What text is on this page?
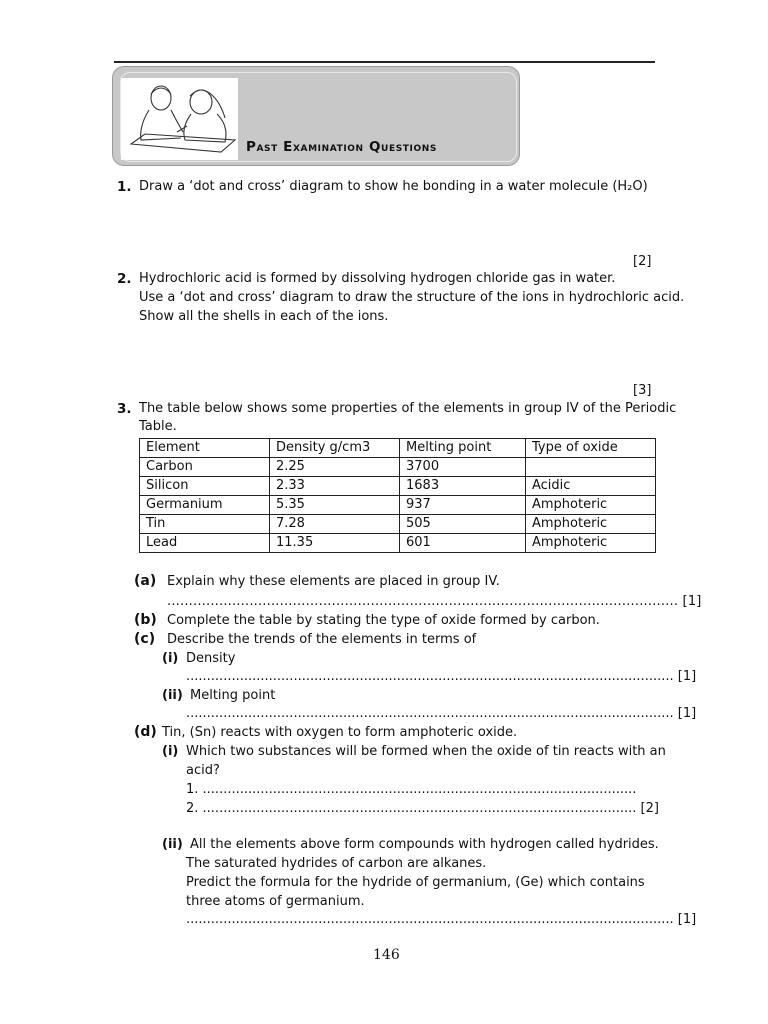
Past Examination Questions
1. Draw a ‘dot and cross’ diagram to show he bonding in a water molecule (H₂O)
[2]
2. Hydrochloric acid is formed by dissolving hydrogen chloride gas in water.
Use a ‘dot and cross’ diagram to draw the structure of the ions in hydrochloric acid.
Show all the shells in each of the ions.
[3]
3. The table below shows some properties of the elements in group IV of the Periodic
Table.
Element	Density g/cm3	Melting point	Type of oxide
Carbon	2.25	3700	
Silicon	2.33	1683	Acidic
Germanium	5.35	937	Amphoteric
Tin	7.28	505	Amphoteric
Lead	11.35	601	Amphoteric
(a) Explain why these elements are placed in group IV.
...................................................................................................................... [1]
(b) Complete the table by stating the type of oxide formed by carbon.
(c) Describe the trends of the elements in terms of
(i) Density
...................................................................................................................... [1]
(ii) Melting point
...................................................................................................................... [1]
(d) Tin, (Sn) reacts with oxygen to form amphoteric oxide.
(i) Which two substances will be formed when the oxide of tin reacts with an
acid?
1. .........................................................................................................
2. ......................................................................................................... [2]
(ii) All the elements above form compounds with hydrogen called hydrides.
The saturated hydrides of carbon are alkanes.
Predict the formula for the hydride of germanium, (Ge) which contains
three atoms of germanium.
...................................................................................................................... [1]
146
